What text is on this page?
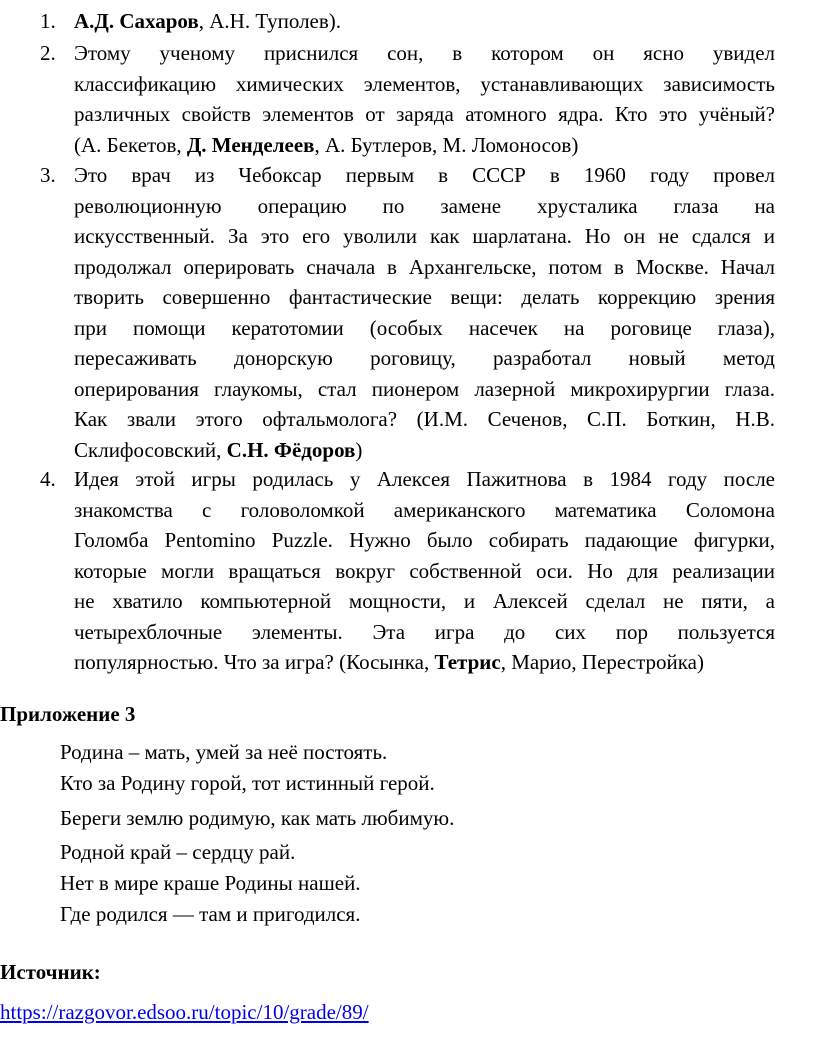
1. А.Д. Сахаров, А.Н. Туполев).
2. Этому ученому приснился сон, в котором он ясно увидел
классификацию химических элементов, устанавливающих зависимость
различных свойств элементов от заряда атомного ядра. Кто это учёный?
(А. Бекетов, Д. Менделеев, А. Бутлеров, М. Ломоносов)
3. Это врач из Чебоксар первым в СССР в 1960 году провел
революционную операцию по замене хрусталика глаза на
искусственный. За это его уволили как шарлатана. Но он не сдался и
продолжал оперировать сначала в Архангельске, потом в Москве. Начал
творить совершенно фантастические вещи: делать коррекцию зрения
при помощи кератотомии (особых насечек на роговице глаза),
пересаживать донорскую роговицу, разработал новый метод
оперирования глаукомы, стал пионером лазерной микрохирургии глаза.
Как звали этого офтальмолога? (И.М. Сеченов, С.П. Боткин, Н.В.
Склифосовский, С.Н. Фёдоров)
4. Идея этой игры родилась у Алексея Пажитнова в 1984 году после
знакомства с головоломкой американского математика Соломона
Голомба Pentomino Puzzle. Нужно было собирать падающие фигурки,
которые могли вращаться вокруг собственной оси. Но для реализации
не хватило компьютерной мощности, и Алексей сделал не пяти, а
четырехблочные элементы. Эта игра до сих пор пользуется
популярностью. Что за игра? (Косынка, Тетрис, Марио, Перестройка)
Приложение 3
Родина – мать, умей за неё постоять.
Кто за Родину горой, тот истинный герой.
Береги землю родимую, как мать любимую.
Родной край – сердцу рай.
Нет в мире краше Родины нашей.
Где родился — там и пригодился.
Источник:
https://razgovor.edsoo.ru/topic/10/grade/89/
